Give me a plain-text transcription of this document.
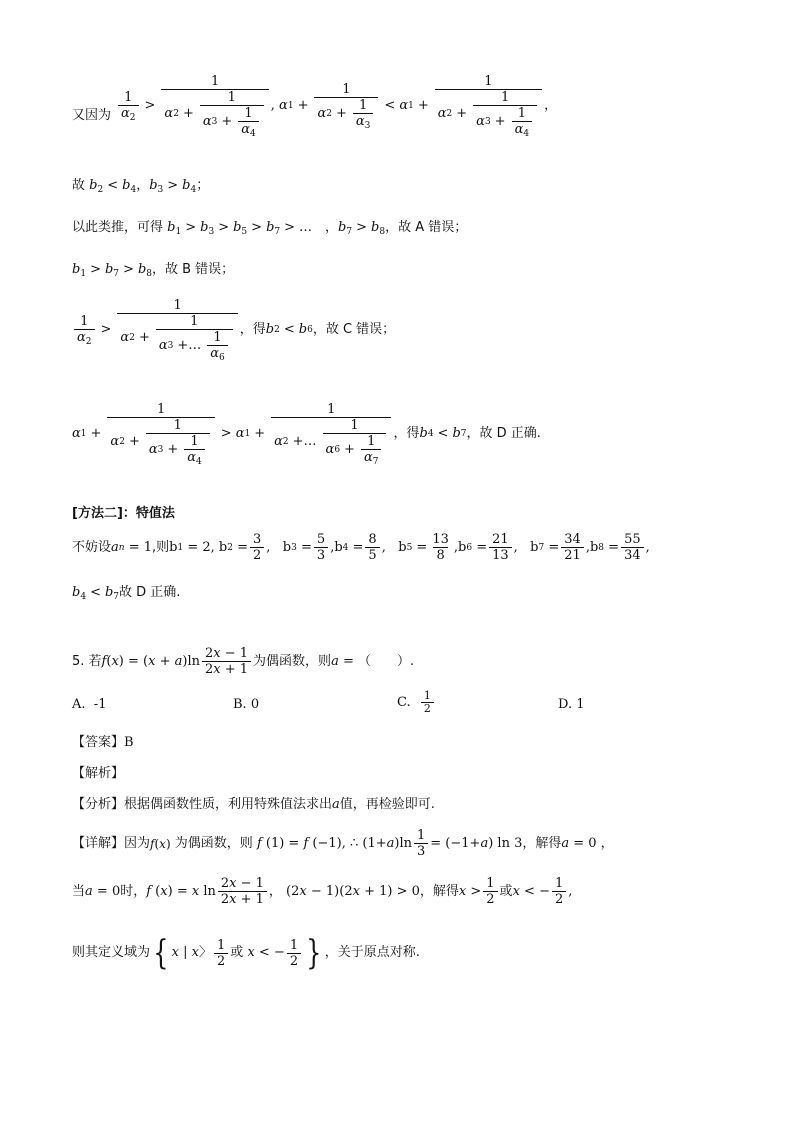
又因为 $\frac{1}{\alpha_2} > \frac{1}{\alpha 2 + \frac{1}{\alpha 3 + \frac{1}{\alpha_4}}}$ , α $1 + \frac{1}{\alpha 2 + \frac{1}{\alpha_3}} < \alpha$ $1 + \frac{1}{\alpha 2 + \frac{1}{\alpha 3 + \frac{1}{\alpha_4}}}$ ，
故 $b_2 < b_4$，$b_3 > b_4$；
以此类推，可得 $b_1 > b_3 > b_5 > b_7$ > …　，$b_7 > b_8$，故 A 错误；
$b_1 > b_7 > b_8$，故 B 错误；
$\frac{1}{\alpha_2} > \frac{1}{\alpha 2 + \frac{1}{\alpha 3 +\dots \frac{1}{\alpha_6}}}$ ，得 b 2 < b 6 ，故 C 错误；
α $1 + \frac{1}{\alpha 2 + \frac{1}{\alpha 3 + \frac{1}{\alpha_4}}} > \alpha$ $1 + \frac{1}{\alpha 2 +\dots \frac{1}{\alpha 6 + \frac{1}{\alpha_7}}}$ ，得 b 4 < b 7 ，故 D 正确.
[方法二]：特值法
不妨设 a n = 1 ,则 b 1 = 2, b $2 = \frac{3}{2}$ ,   b $3 = \frac{5}{3} ,b$ $4 = \frac{8}{5}$ ,   b $5 = \frac{13}{8} ,b$ $6 = \frac{21}{13}$ ,   b $7 = \frac{34}{21} ,b$ $8 = \frac{55}{34}$ ,
$b_4 < b_7$故 D 正确.
5. 若 f ( x ) = ( x + a )$\ln \frac{2x - 1}{2x + 1}$ 为偶函数，则 a = （　　）.
A. -1	B. 0	C.
$\frac{1}{2}$	D. 1
【答案】B
【解析】
【分析】根据偶函数性质，利用特殊值法求出a值，再检验即可.
【详解】 因为 f (x)
为偶函数，则
f (1) = f (−1), ∴ (1+ a )$\ln \frac{1}{3} = (-1+ a$ ) ln 3 ，解得 a = 0 ，
当 a = 0 时， f ( x ) = x $\ln \frac{2x - 1}{2x + 1}$ ， (2 x − 1)(2 x + 1) > 0 ，解得 $x > \frac{1}{2}$ 或 x < − $\frac{1}{2}$ ,
则其定义域为 { x | x 〉 $\frac{1}{2}$ 或
x < − $\frac{1}{2}$ } ，关于原点对称.
